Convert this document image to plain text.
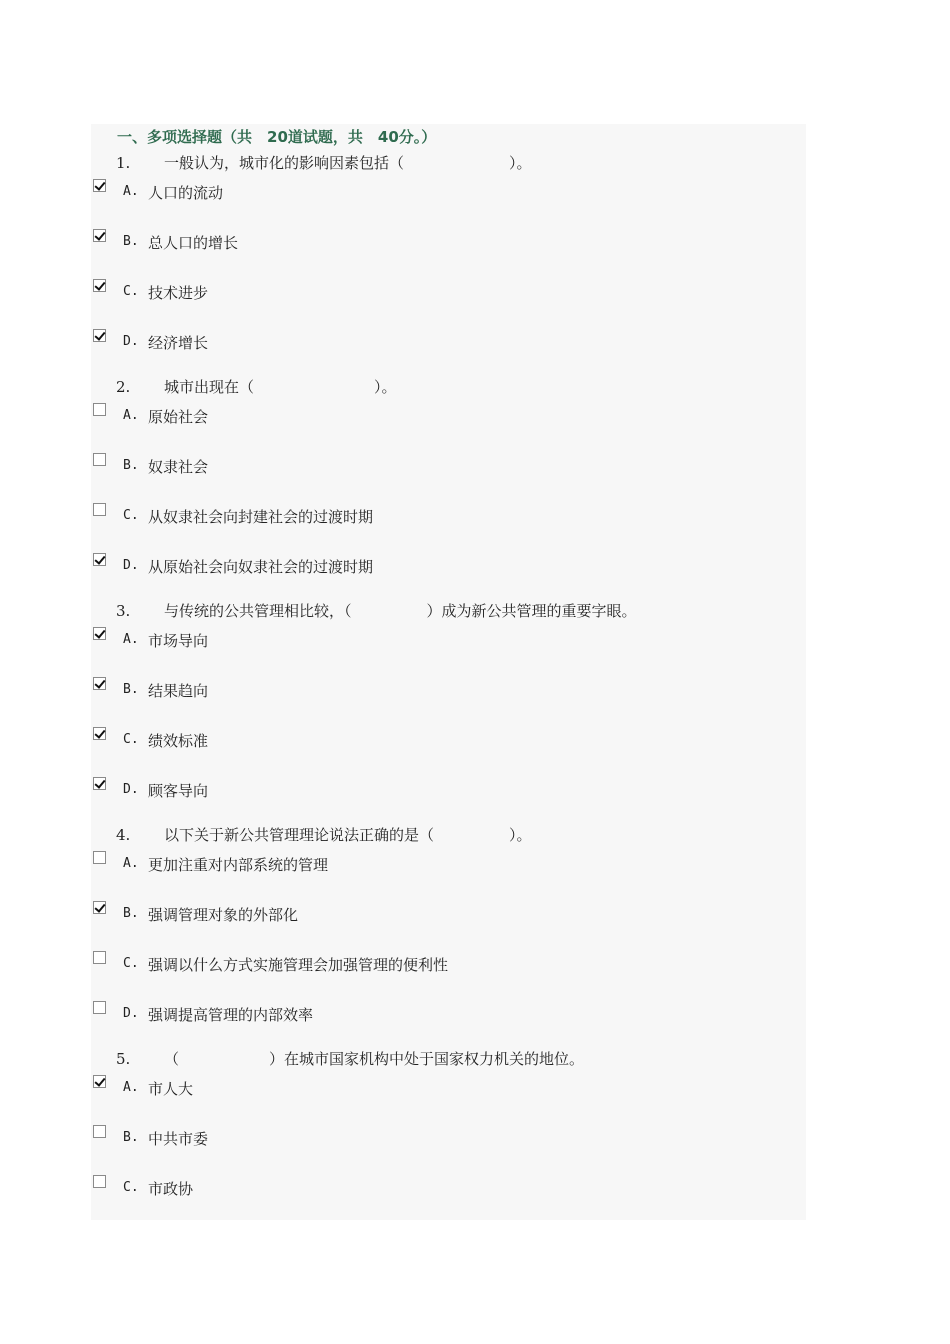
一、多项选择题（共　20道试题，共　40分。）
1. 一般认为，城市化的影响因素包括（　　　　　　　）。
A. 人口的流动
B. 总人口的增长
C. 技术进步
D. 经济增长
2. 城市出现在（　　　　　　　　）。
A. 原始社会
B. 奴隶社会
C. 从奴隶社会向封建社会的过渡时期
D. 从原始社会向奴隶社会的过渡时期
3. 与传统的公共管理相比较，（　　　　　）成为新公共管理的重要字眼。
A. 市场导向
B. 结果趋向
C. 绩效标准
D. 顾客导向
4. 以下关于新公共管理理论说法正确的是（　　　　　）。
A. 更加注重对内部系统的管理
B. 强调管理对象的外部化
C. 强调以什么方式实施管理会加强管理的便利性
D. 强调提高管理的内部效率
5. （　　　　　　）在城市国家机构中处于国家权力机关的地位。
A. 市人大
B. 中共市委
C. 市政协
